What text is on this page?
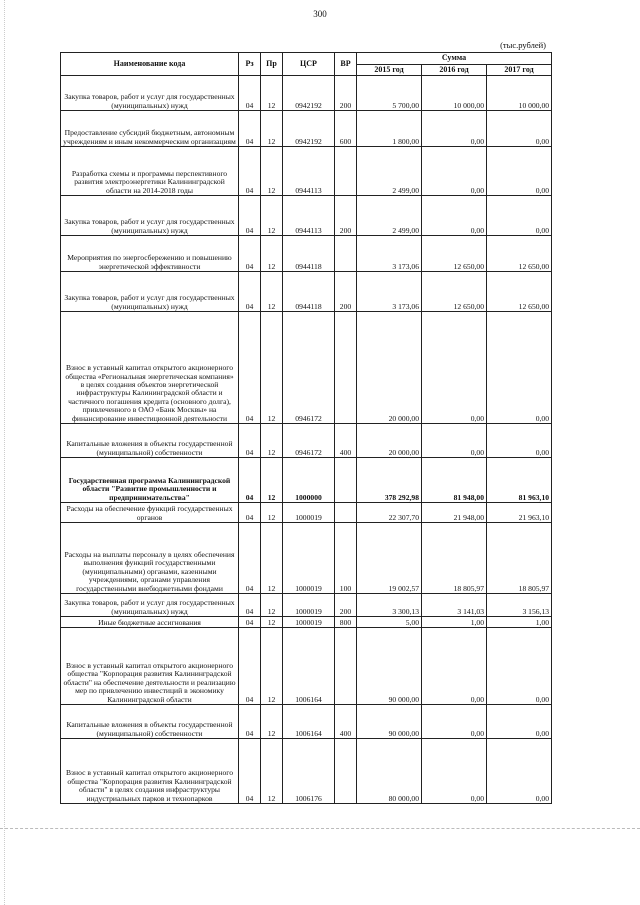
300
(тыс.рублей)
Наименование кода	Рз	Пр	ЦСР	ВР	Сумма		
					2015 год	2016 год	2017 год
Закупка товаров, работ и услуг для государственных (муниципальных) нужд	04	12	0942192	200	5 700,00	10 000,00	10 000,00
Предоставление субсидий бюджетным, автономным учреждениям и иным некоммерческим организациям	04	12	0942192	600	1 800,00	0,00	0,00
Разработка схемы и программы перспективного развития электроэнергетики Калининградской области на 2014-2018 годы	04	12	0944113		2 499,00	0,00	0,00
Закупка товаров, работ и услуг для государственных (муниципальных) нужд	04	12	0944113	200	2 499,00	0,00	0,00
Мероприятия по энергосбережению и повышению энергетической эффективности	04	12	0944118		3 173,06	12 650,00	12 650,00
Закупка товаров, работ и услуг для государственных (муниципальных) нужд	04	12	0944118	200	3 173,06	12 650,00	12 650,00
Взнос в уставный капитал открытого акционерного общества «Региональная энергетическая компания» в целях создания объектов энергетической инфраструктуры Калининградской области и частичного погашения кредита (основного долга), привлеченного в ОАО «Банк Москвы» на финансирование инвестиционной деятельности	04	12	0946172		20 000,00	0,00	0,00
Капитальные вложения в объекты государственной (муниципальной) собственности	04	12	0946172	400	20 000,00	0,00	0,00
Государственная программа Калининградской области "Развитие промышленности и предпринимательства"	04	12	1000000		378 292,98	81 948,00	81 963,10
Расходы на обеспечение функций государственных органов	04	12	1000019		22 307,70	21 948,00	21 963,10
Расходы на выплаты персоналу в целях обеспечения выполнения функций государственными (муниципальными) органами, казенными учреждениями, органами управления государственными внебюджетными фондами	04	12	1000019	100	19 002,57	18 805,97	18 805,97
Закупка товаров, работ и услуг для государственных (муниципальных) нужд	04	12	1000019	200	3 300,13	3 141,03	3 156,13
Иные бюджетные ассигнования	04	12	1000019	800	5,00	1,00	1,00
Взнос в уставный капитал открытого акционерного общества "Корпорация развития Калининградской области" на обеспечение деятельности и реализацию мер по привлечению инвестиций в экономику Калининградской области	04	12	1006164		90 000,00	0,00	0,00
Капитальные вложения в объекты государственной (муниципальной) собственности	04	12	1006164	400	90 000,00	0,00	0,00
Взнос в уставный капитал открытого акционерного общества "Корпорация развития Калининградской области" в целях создания инфраструктуры индустриальных парков и технопарков	04	12	1006176		80 000,00	0,00	0,00
